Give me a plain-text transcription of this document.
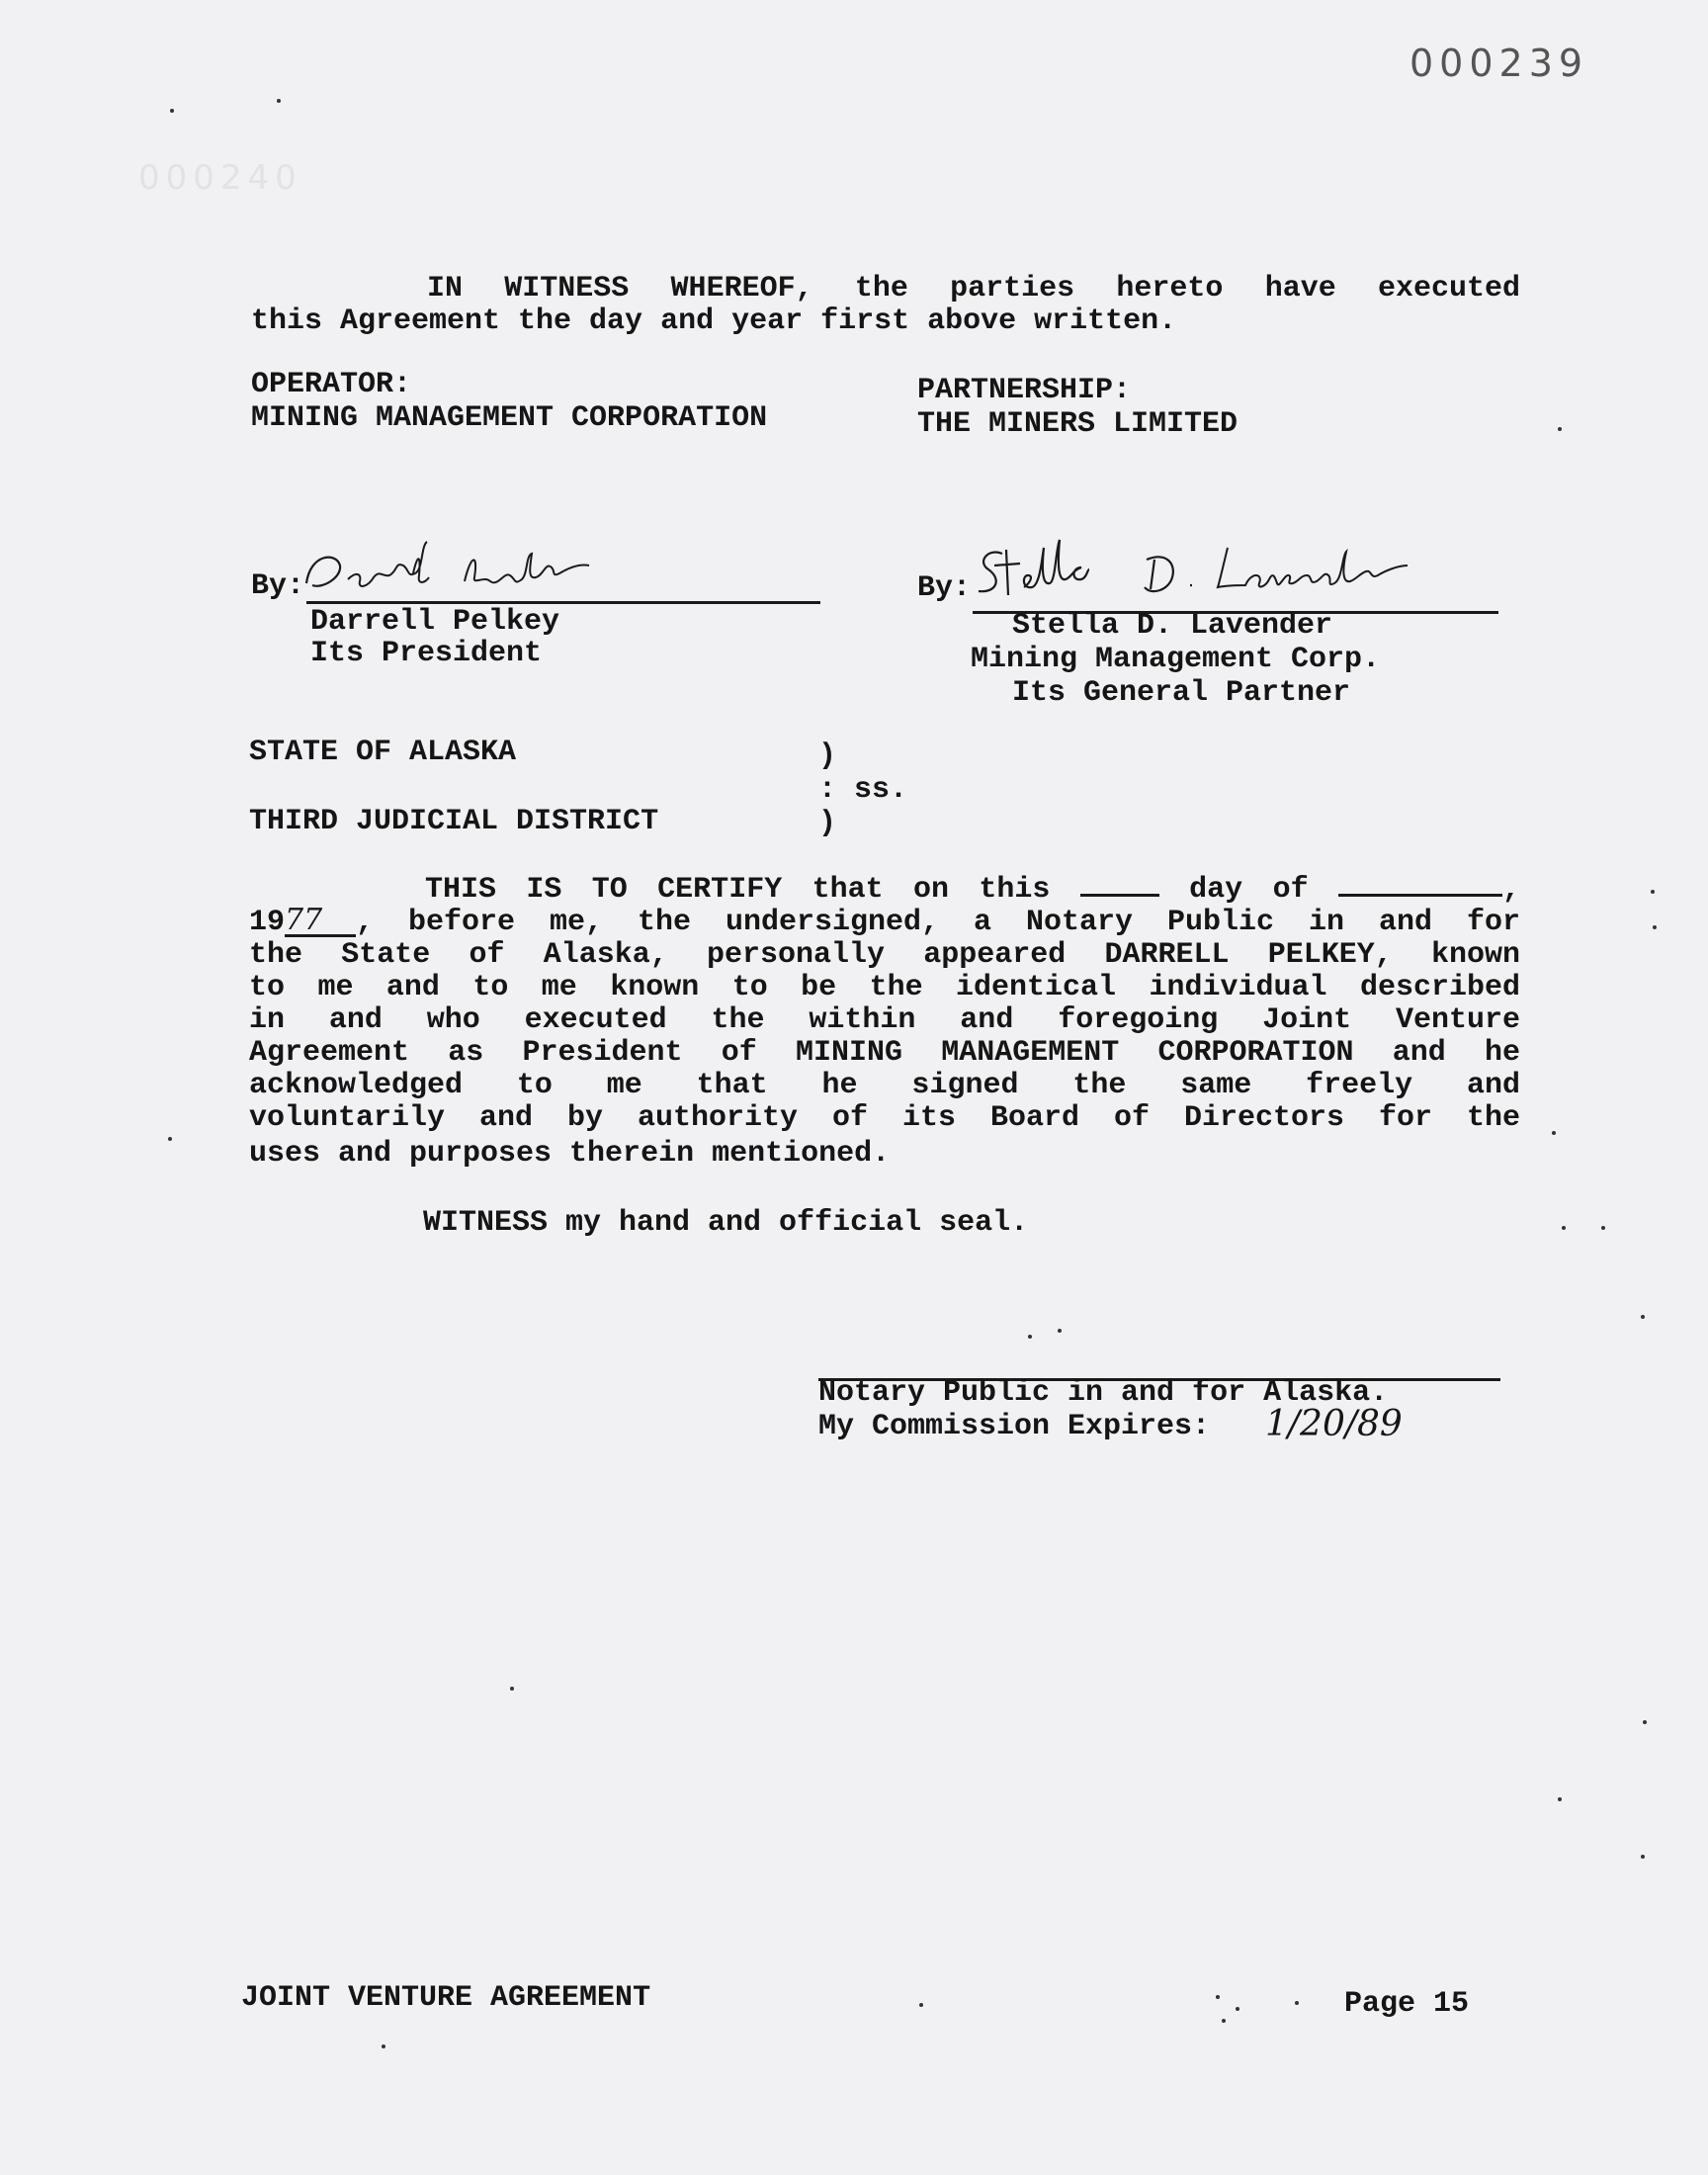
000239
000240
IN WITNESS WHEREOF, the parties hereto have executed
this Agreement the day and year first above written.
OPERATOR:
MINING MANAGEMENT CORPORATION
PARTNERSHIP:
THE MINERS LIMITED
By:
Darrell Pelkey
Its President
By:
Stella D. Lavender
Mining Management Corp.
Its General Partner
STATE OF ALASKA
THIRD JUDICIAL DISTRICT
)
: ss.
)
THIS IS TO CERTIFY that on this	day of	,
1977 , before me, the undersigned, a Notary Public in and for
the State of Alaska, personally appeared DARRELL PELKEY, known
to me and to me known to be the identical individual described
in and who executed the within and foregoing Joint Venture
Agreement as President of MINING MANAGEMENT CORPORATION and he
acknowledged to me that he signed the same freely and
voluntarily and by authority of its Board of Directors for the
uses and purposes therein mentioned.
WITNESS my hand and official seal.
Notary Public in and for Alaska.
My Commission Expires: 1/20/89
JOINT VENTURE AGREEMENT	Page 15
